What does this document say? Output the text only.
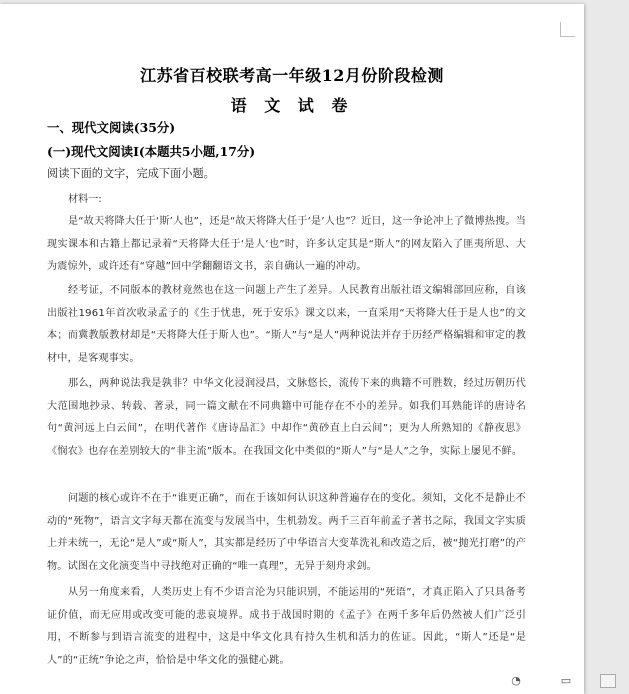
江苏省百校联考高一年级12月份阶段检测
语 文 试 卷
一、现代文阅读(35分)
(一)现代文阅读Ⅰ(本题共5小题,17分)
阅读下面的文字，完成下面小题。
材料一:

是“故天将降大任于‘斯’人也”，还是“故天将降大任于‘是’人也”？近日，这一争论冲上了微博热搜。当现实课本和古籍上都记录着“天将降大任于‘是人’也”时，许多认定其是“斯人”的网友陷入了匪夷所思、大为震惊外，或许还有“穿越”回中学翻翻语文书，亲自确认一遍的冲动。

经考证，不同版本的教材竟然也在这一问题上产生了差异。人民教育出版社语文编辑部回应称，自该出版社1961年首次收录孟子的《生于忧患，死于安乐》课文以来，一直采用“天将降大任于是人也”的文本；而冀教版教材却是“天将降大任于斯人也”。“斯人”与“是人”两种说法并存于历经严格编辑和审定的教材中，是客观事实。

那么，两种说法我是孰非？中华文化浸润浸昌，文脉悠长，流传下来的典籍不可胜数，经过历朝历代大范围地抄录、转载、著录，同一篇文献在不同典籍中可能存在不小的差异。如我们耳熟能详的唐诗名句“黄河远上白云间”，在明代著作《唐诗品汇》中却作“黄砂直上白云间”；更为人所熟知的《静夜思》《悯农》也存在差别较大的“非主流”版本。在我国文化中类似的“斯人”与“是人”之争，实际上屡见不鲜。

问题的核心或许不在于“谁更正确”，而在于该如何认识这种普遍存在的变化。须知，文化不是静止不动的“死物”，语言文字每天都在流变与发展当中，生机勃发。两千三百年前孟子著书之际，我国文字实质上并未统一，无论“是人”或“斯人”，其实都是经历了中华语言大变革洗礼和改造之后，被“抛光打磨”的产物。试图在文化演变当中寻找绝对正确的“唯一真理”，无异于刻舟求剑。

从另一角度来看，人类历史上有不少语言沦为只能识别，不能运用的“死语”，才真正陷入了只具备考证价值，而无应用或改变可能的悲哀境界。成书于战国时期的《孟子》在两千多年后仍然被人们广泛引用，不断参与到语言流变的进程中，这是中华文化具有持久生机和活力的佐证。因此，“斯人”还是“是人”的“正统”争论之声，恰恰是中华文化的强健心跳。

◔	▭
